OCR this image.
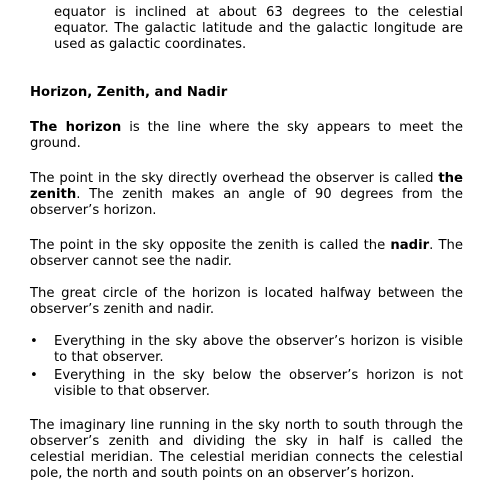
equator is inclined at about 63 degrees to the celestial equator. The galactic latitude and the galactic longitude are used as galactic coordinates.

Horizon, Zenith, and Nadir

The horizon is the line where the sky appears to meet the ground.

The point in the sky directly overhead the observer is called the zenith. The zenith makes an angle of 90 degrees from the observer’s horizon.

The point in the sky opposite the zenith is called the nadir. The observer cannot see the nadir.

The great circle of the horizon is located halfway between the observer’s zenith and nadir.

• Everything in the sky above the observer’s horizon is visible to that observer.
• Everything in the sky below the observer’s horizon is not visible to that observer.

The imaginary line running in the sky north to south through the observer’s zenith and dividing the sky in half is called the celestial meridian. The celestial meridian connects the celestial pole, the north and south points on an observer’s horizon.
